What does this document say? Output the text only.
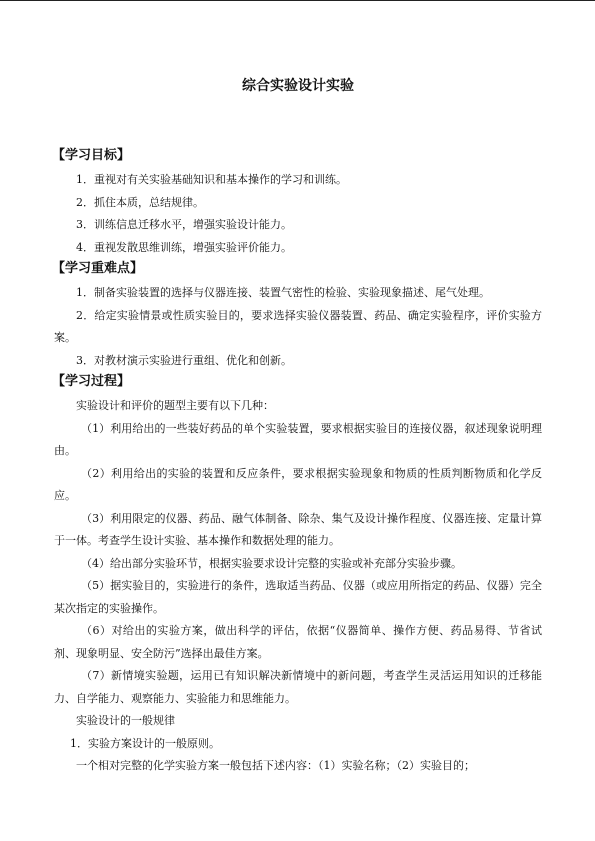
综合实验设计实验
【学习目标】

1．重视对有关实验基础知识和基本操作的学习和训练。

2．抓住本质，总结规律。

3．训练信息迁移水平，增强实验设计能力。

4．重视发散思维训练，增强实验评价能力。

【学习重难点】

1．制备实验装置的选择与仪器连接、装置气密性的检验、实验现象描述、尾气处理。

2．给定实验情景或性质实验目的，要求选择实验仪器装置、药品、确定实验程序，评价实验方案。

3．对教材演示实验进行重组、优化和创新。

【学习过程】

实验设计和评价的题型主要有以下几种：

（1）利用给出的一些装好药品的单个实验装置，要求根据实验目的连接仪器，叙述现象说明理由。

（2）利用给出的实验的装置和反应条件，要求根据实验现象和物质的性质判断物质和化学反应。

（3）利用限定的仪器、药品、融气体制备、除杂、集气及设计操作程度、仪器连接、定量计算于一体。考查学生设计实验、基本操作和数据处理的能力。

（4）给出部分实验环节，根据实验要求设计完整的实验或补充部分实验步骤。

（5）据实验目的，实验进行的条件，选取适当药品、仪器（或应用所指定的药品、仪器）完全某次指定的实验操作。

（6）对给出的实验方案，做出科学的评估，依据“仪器简单、操作方便、药品易得、节省试剂、现象明显、安全防污”选择出最佳方案。

（7）新情境实验题，运用已有知识解决新情境中的新问题，考查学生灵活运用知识的迁移能力、自学能力、观察能力、实验能力和思维能力。

实验设计的一般规律

1．实验方案设计的一般原则。

一个相对完整的化学实验方案一般包括下述内容：（1）实验名称；（2）实验目的；
